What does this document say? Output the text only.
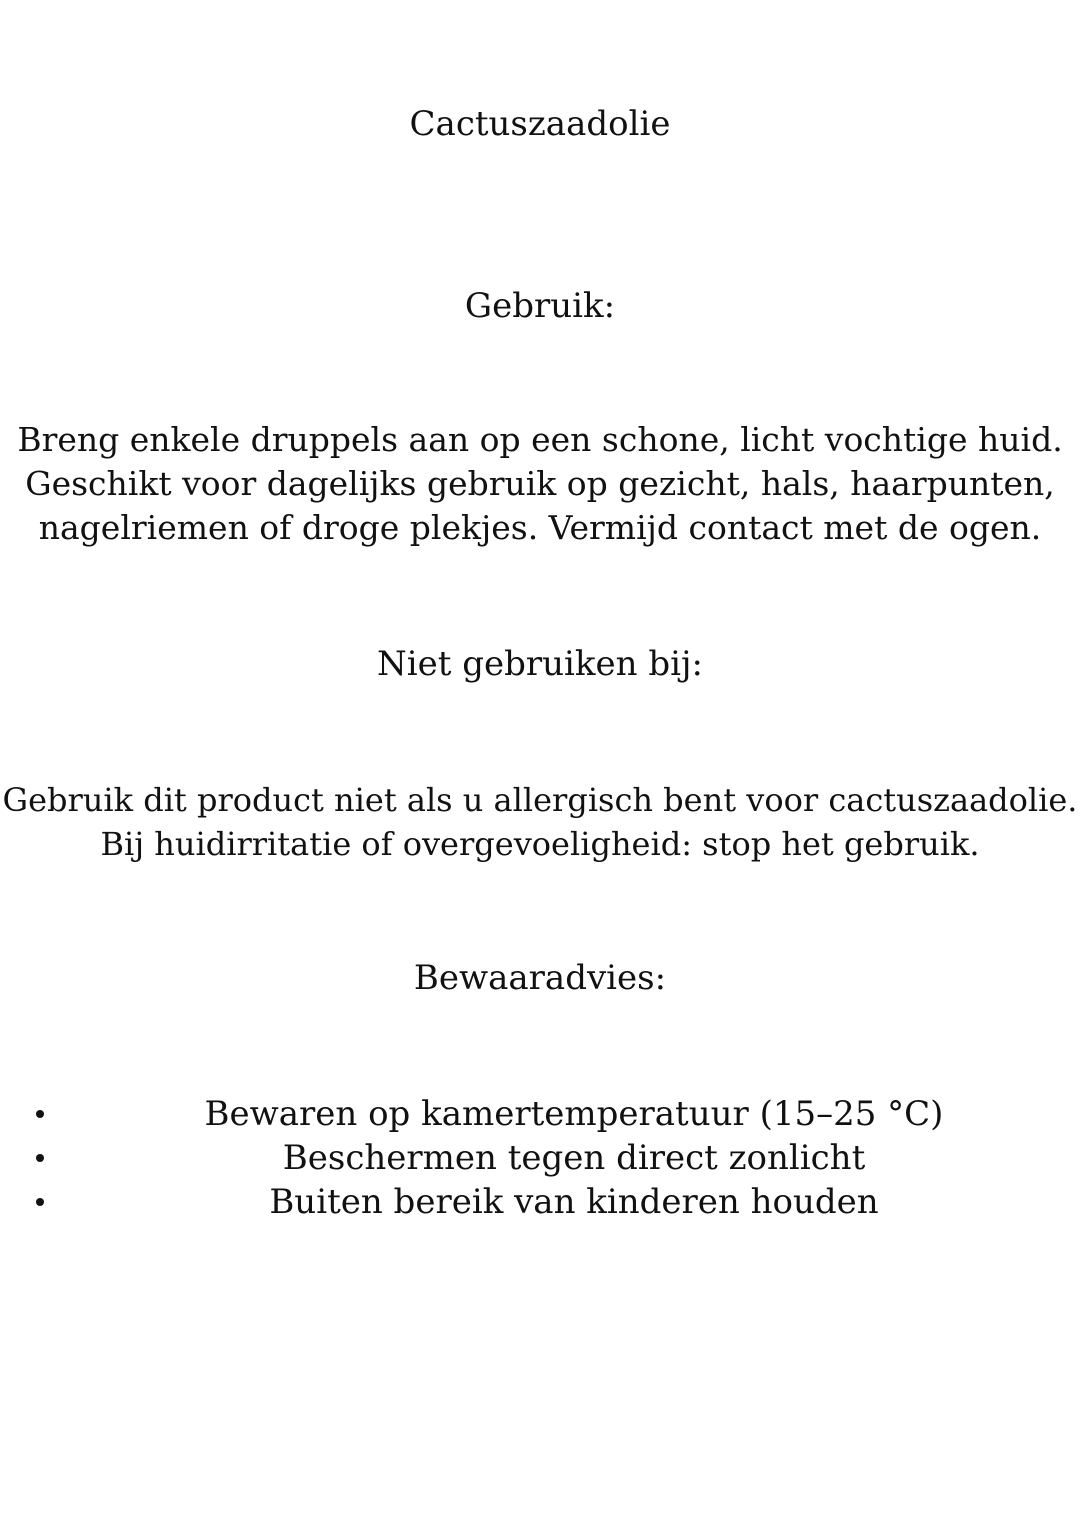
Cactuszaadolie
Gebruik:

Breng enkele druppels aan op een schone, licht vochtige huid.
Geschikt voor dagelijks gebruik op gezicht, hals, haarpunten,
nagelriemen of droge plekjes. Vermijd contact met de ogen.

Niet gebruiken bij:

Gebruik dit product niet als u allergisch bent voor cactuszaadolie.
Bij huidirritatie of overgevoeligheid: stop het gebruik.

Bewaaradvies:
Bewaren op kamertemperatuur (15–25 °C)
Beschermen tegen direct zonlicht
Buiten bereik van kinderen houden
